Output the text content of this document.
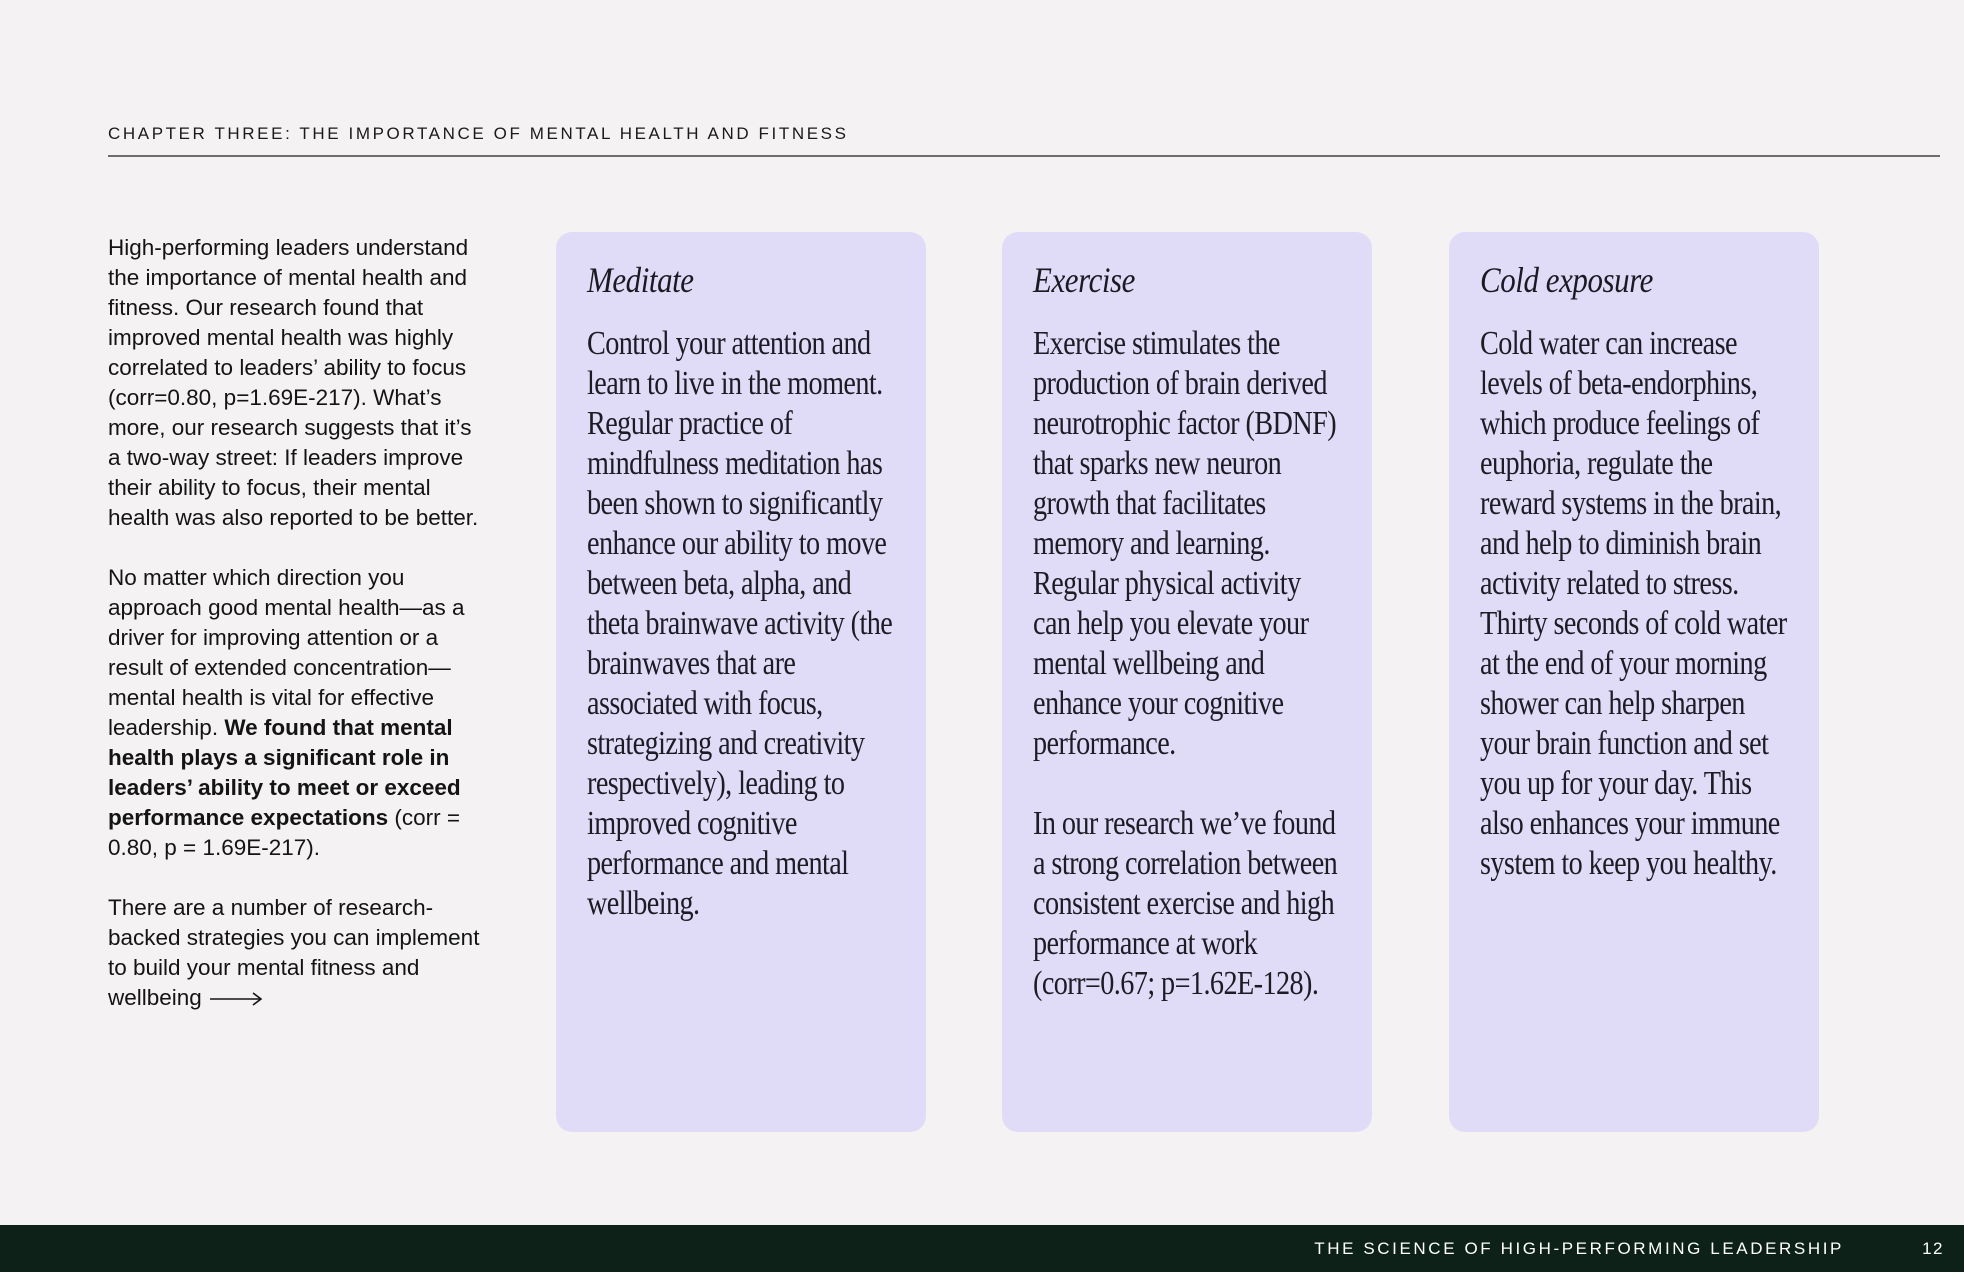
CHAPTER THREE: THE IMPORTANCE OF MENTAL HEALTH AND FITNESS

High-performing leaders understand the importance of mental health and fitness. Our research found that improved mental health was highly correlated to leaders’ ability to focus (corr=0.80, p=1.69E-217). What’s more, our research suggests that it’s a two-way street: If leaders improve their ability to focus, their mental health was also reported to be better.

No matter which direction you approach good mental health—as a driver for improving attention or a result of extended concentration—mental health is vital for effective leadership. We found that mental health plays a significant role in leaders’ ability to meet or exceed performance expectations (corr = 0.80, p = 1.69E-217).

There are a number of research-backed strategies you can implement to build your mental fitness and wellbeing

Meditate

Control your attention and learn to live in the moment. Regular practice of mindfulness meditation has been shown to significantly enhance our ability to move between beta, alpha, and theta brainwave activity (the brainwaves that are associated with focus, strategizing and creativity respectively), leading to improved cognitive performance and mental wellbeing.

Exercise

Exercise stimulates the production of brain derived neurotrophic factor (BDNF) that sparks new neuron growth that facilitates memory and learning. Regular physical activity can help you elevate your mental wellbeing and enhance your cognitive performance.

In our research we’ve found a strong correlation between consistent exercise and high performance at work (corr=0.67; p=1.62E-128).

Cold exposure

Cold water can increase levels of beta-endorphins, which produce feelings of euphoria, regulate the reward systems in the brain, and help to diminish brain activity related to stress. Thirty seconds of cold water at the end of your morning shower can help sharpen your brain function and set you up for your day. This also enhances your immune system to keep you healthy.

THE SCIENCE OF HIGH-PERFORMING LEADERSHIP	12
